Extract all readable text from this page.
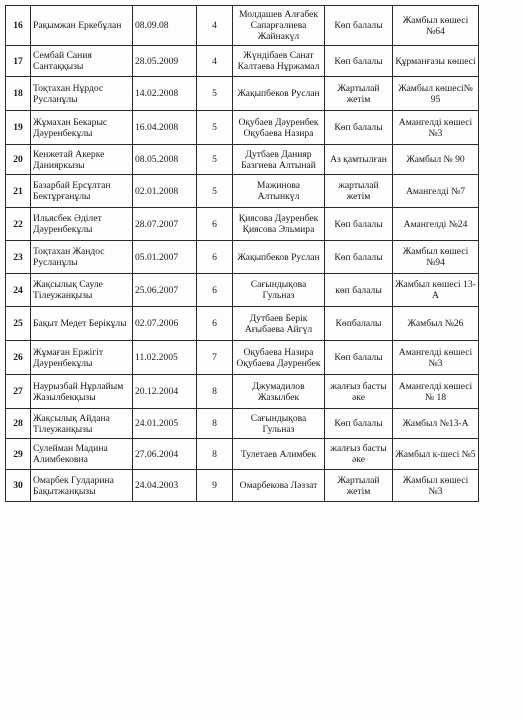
16	Рақымжан Еркебұлан	08.09.08	4	Молдашев Алғабек Сапарғалиева Жайнакүл	Көп балалы	Жамбыл көшесі №64
17	Сембай Сания Сантаққызы	28.05.2009	4	Жүндібаев Санат Калтаева Нұржамал	Көп балалы	Құрманғазы көшесі
18	Тоқтахан Нұрдос Русланұлы	14.02.2008	5	Жақыпбеков Руслан	Жартылай жетім	Жамбыл көшесі№ 95
19	Жұмахан Бекарыс Дәуренбекұлы	16.04.2008	5	Оқубаев Дәуренбек Оқубаева Назира	Көп балалы	Амангелді көшесі №3
20	Кенжетай Акерке Данияркызы	08.05.2008	5	Дутбаев Данияр Базгиева Алтынай	Аз қамтылған	Жамбыл № 90
21	Базарбай Ерсұлтан Бектұрғанұлы	02.01.2008	5	Мажинова Алтынкүл	жартылай жетім	Амангелді №7
22	Ильясбек Әділет Дәуренбекұлы	28.07.2007	6	Қиясова Дәуренбек Қиясова Эльмира	Көп балалы	Амангелді №24
23	Тоқтахан Жандос Русланұлы	05.01.2007	6	Жақыпбеков Руслан	Көп балалы	Жамбыл көшесі №94
24	Жақсылық Сауле Тілеужанқызы	25.06.2007	6	Сағындықова Гульназ	көп балалы	Жамбыл көшесі 13-А
25	Бақыт Медет Берікұлы	02.07.2006	6	Дутбаев Берік Ағыбаева Айгүл	Көпбалалы	Жамбыл №26
26	Жұмаған Ержігіт Дәуренбекұлы	11.02.2005	7	Оқубаева Назира Оқубаева Дәуренбек	Көп балалы	Амангелді көшесі №3
27	Наурызбай Нұрлайым Жазылбекқызы	20.12.2004	8	Джумадилов Жазылбек	жалғыз басты әке	Амангелді көшесі № 18
28	Жақсылық Айдана Тілеужанқызы	24.01.2005	8	Сағындықова Гульназ	Көп балалы	Жамбыл №13-А
29	Сулейман Мадина Алимбековна	27.06.2004	8	Тулетаев Алимбек	жалғыз басты әке	Жамбыл к-шесі №5
30	Омарбек Гулдарина Бақытжанқызы	24.04.2003	9	Омарбекова Ләззат	Жартылай жетім	Жамбыл көшесі №3
